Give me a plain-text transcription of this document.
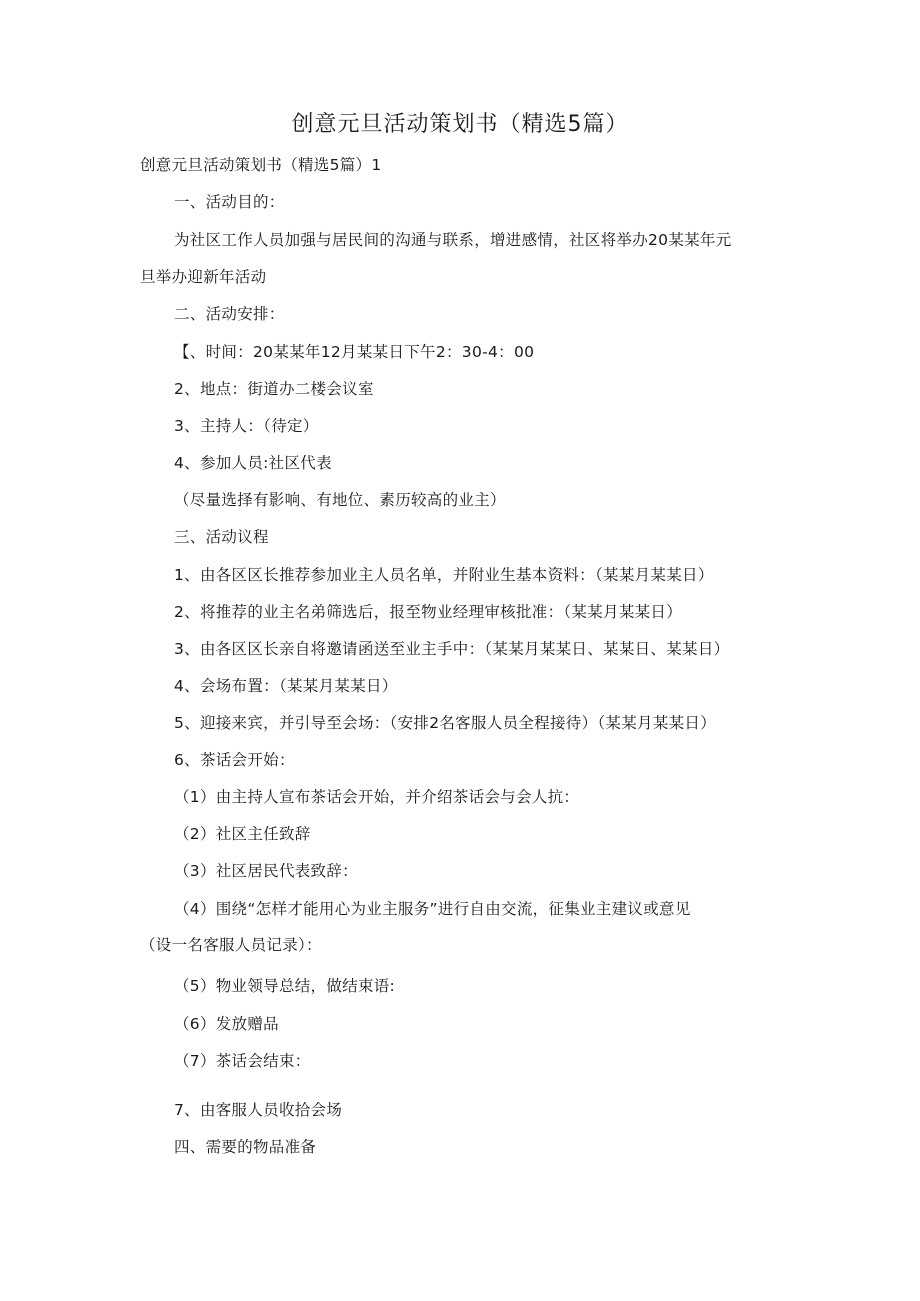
创意元旦活动策划书（精选5篇）
创意元旦活动策划书（精选5篇）1
一、活动目的：
为社区工作人员加强与居民间的沟通与联系，增进感情，社区将举办20某某年元
旦举办迎新年活动
二、活动安排：
【、时间：20某某年12月某某日下午2：30-4：00
2、地点：街道办二楼会议室
3、主持人：（待定）
4、参加人员:社区代表
（尽量选择有影响、有地位、素历较高的业主）
三、活动议程
1、由各区区长推荐参加业主人员名单，并附业生基本资料：（某某月某某日）
2、将推荐的业主名弟筛选后，报至物业经理审核批准：（某某月某某日）
3、由各区区长亲自将邀请函送至业主手中：（某某月某某日、某某日、某某日）
4、会场布置：（某某月某某日）
5、迎接来宾，并引导至会场：（安排2名客服人员全程接待）（某某月某某日）
6、茶话会开始：
（1）由主持人宣布茶话会开始，并介绍茶话会与会人抗：
（2）社区主任致辞
（3）社区居民代表致辞：
（4）围绕“怎样才能用心为业主服务”进行自由交流，征集业主建议或意见
（设一名客服人员记录）：
（5）物业领导总结，做结束语:
（6）发放赠品
（7）茶话会结束：
7、由客服人员收拾会场
四、需要的物品准备
